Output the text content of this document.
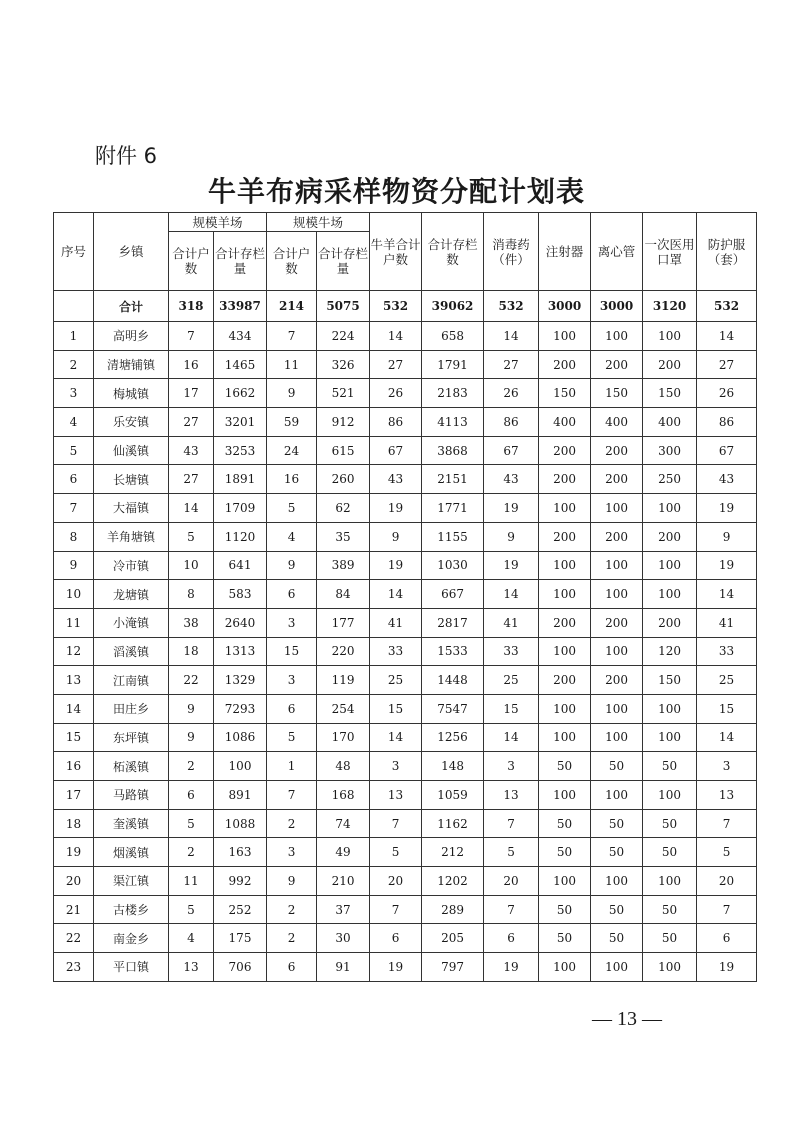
附件 6
牛羊布病采样物资分配计划表
序号	乡镇	规模羊场		规模牛场		牛羊合计户数	合计存栏数	消毒药（件）	注射器	离心管	一次医用口罩	防护服（套）
		合计户数	合计存栏量	合计户数	合计存栏量							
	合计	318	33987	214	5075	532	39062	532	3000	3000	3120	532
1	高明乡	7	434	7	224	14	658	14	100	100	100	14
2	清塘铺镇	16	1465	11	326	27	1791	27	200	200	200	27
3	梅城镇	17	1662	9	521	26	2183	26	150	150	150	26
4	乐安镇	27	3201	59	912	86	4113	86	400	400	400	86
5	仙溪镇	43	3253	24	615	67	3868	67	200	200	300	67
6	长塘镇	27	1891	16	260	43	2151	43	200	200	250	43
7	大福镇	14	1709	5	62	19	1771	19	100	100	100	19
8	羊角塘镇	5	1120	4	35	9	1155	9	200	200	200	9
9	冷市镇	10	641	9	389	19	1030	19	100	100	100	19
10	龙塘镇	8	583	6	84	14	667	14	100	100	100	14
11	小淹镇	38	2640	3	177	41	2817	41	200	200	200	41
12	滔溪镇	18	1313	15	220	33	1533	33	100	100	120	33
13	江南镇	22	1329	3	119	25	1448	25	200	200	150	25
14	田庄乡	9	7293	6	254	15	7547	15	100	100	100	15
15	东坪镇	9	1086	5	170	14	1256	14	100	100	100	14
16	柘溪镇	2	100	1	48	3	148	3	50	50	50	3
17	马路镇	6	891	7	168	13	1059	13	100	100	100	13
18	奎溪镇	5	1088	2	74	7	1162	7	50	50	50	7
19	烟溪镇	2	163	3	49	5	212	5	50	50	50	5
20	渠江镇	11	992	9	210	20	1202	20	100	100	100	20
21	古楼乡	5	252	2	37	7	289	7	50	50	50	7
22	南金乡	4	175	2	30	6	205	6	50	50	50	6
23	平口镇	13	706	6	91	19	797	19	100	100	100	19
— 13 —
